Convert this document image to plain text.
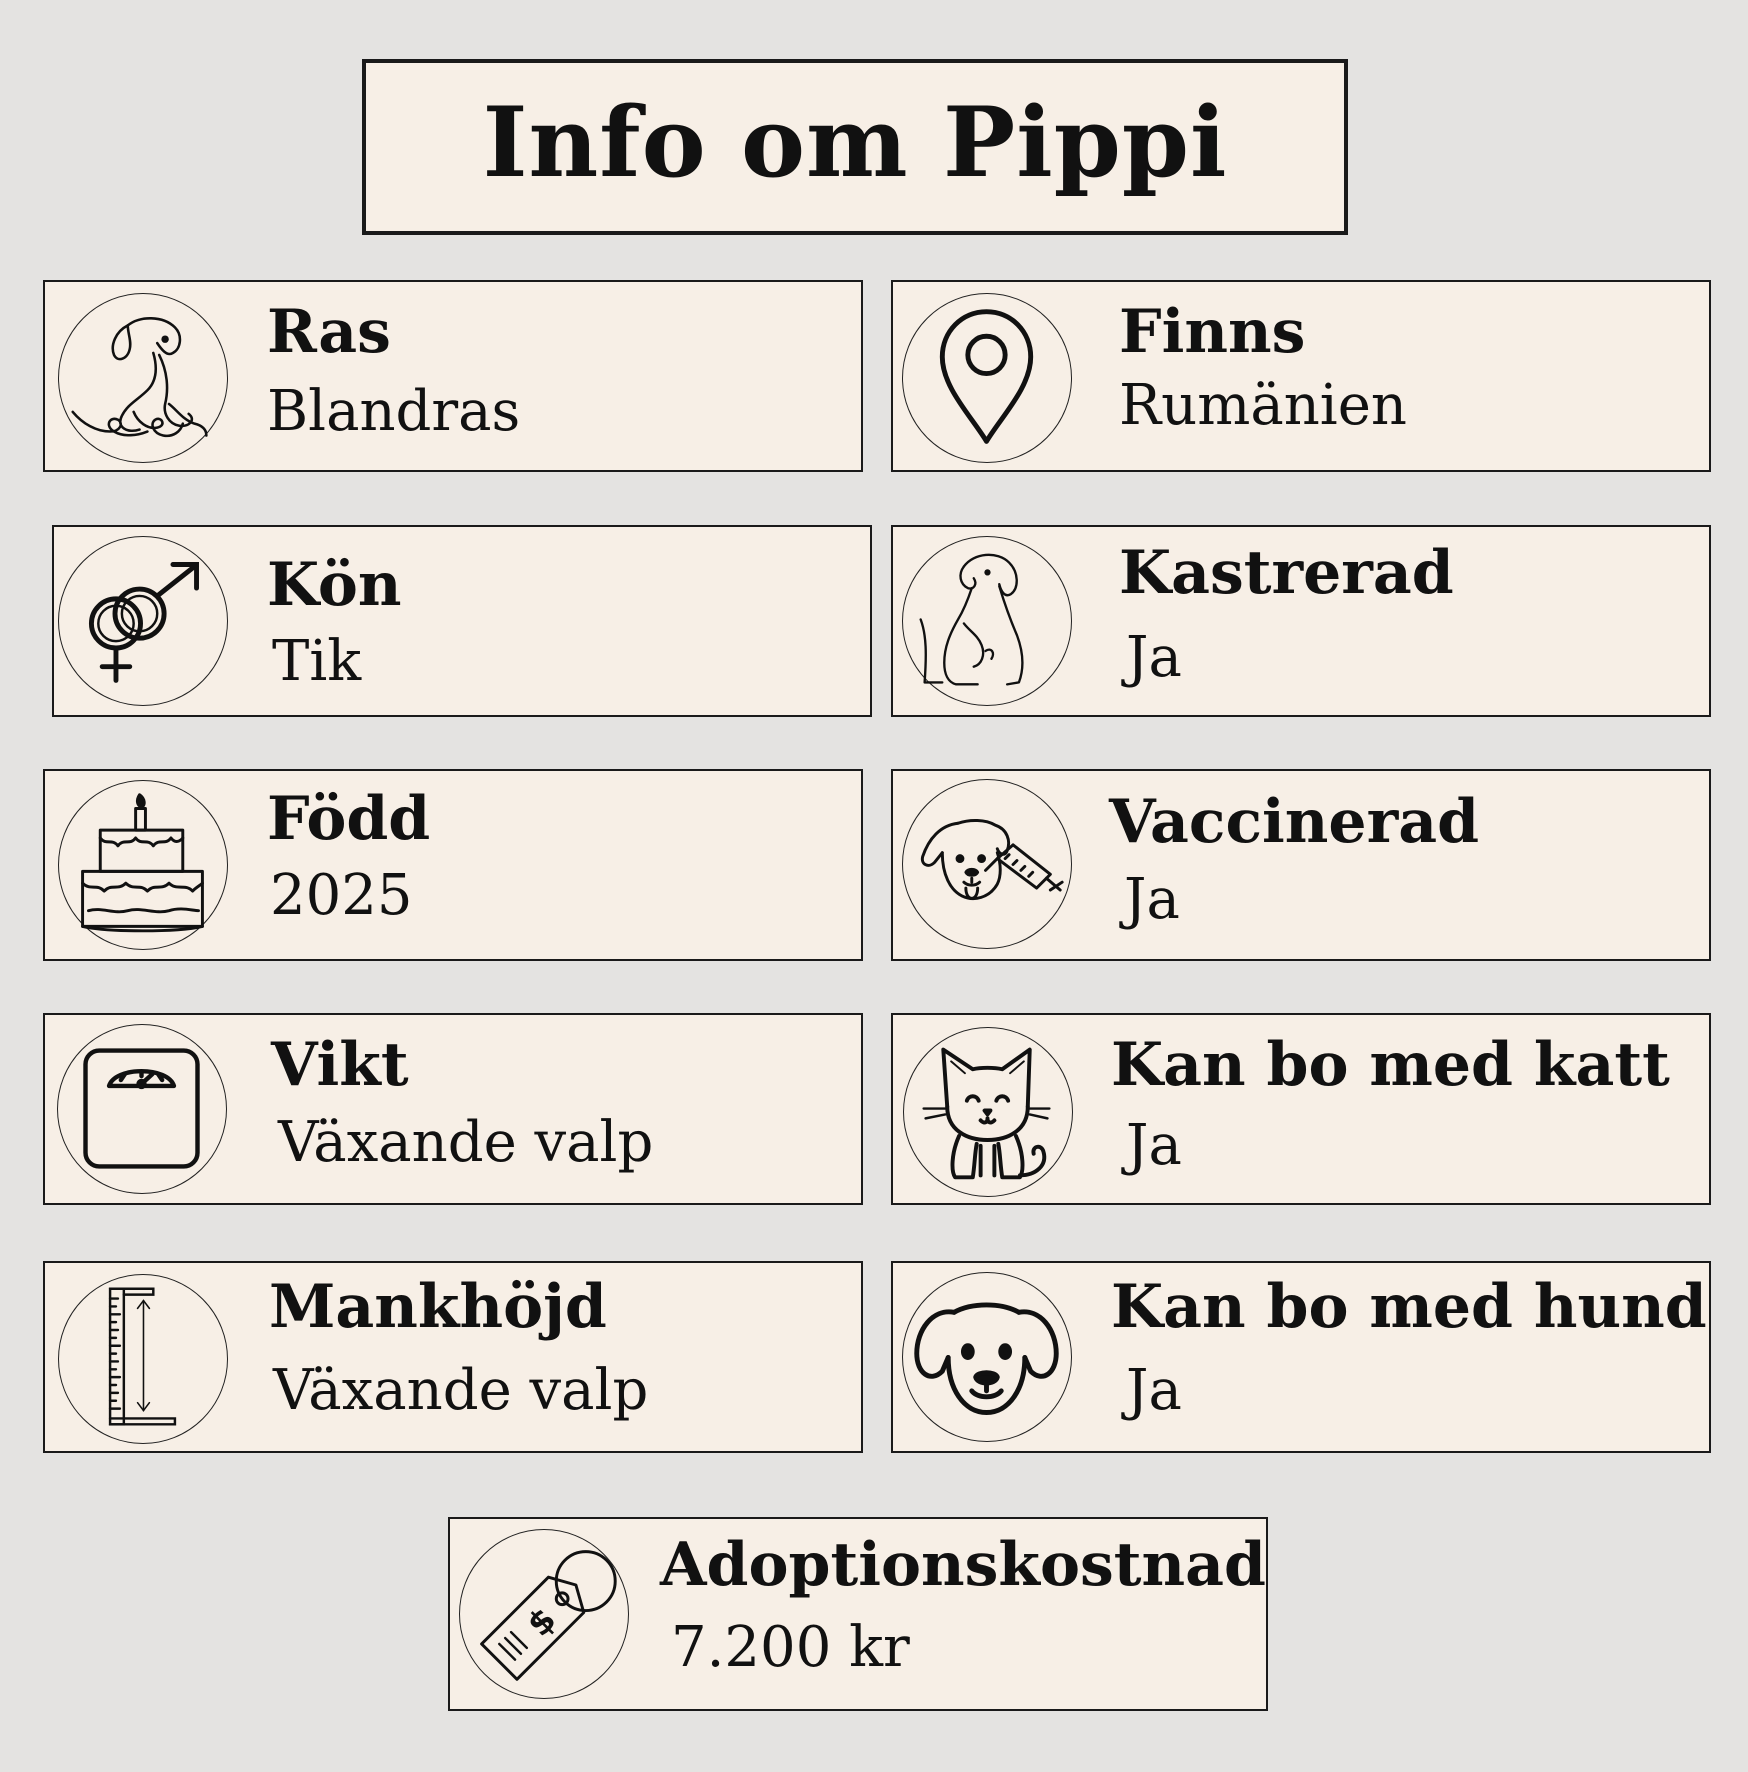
Info om Pippi
Ras
Blandras
Finns
Rumänien
Kön
Tik
Kastrerad
Ja
Född
2025
Vaccinerad
Ja
Vikt
Växande valp
Kan bo med katt
Ja
Mankhöjd
Växande valp
Kan bo med hund
Ja
$
Adoptionskostnad
7.200 kr
